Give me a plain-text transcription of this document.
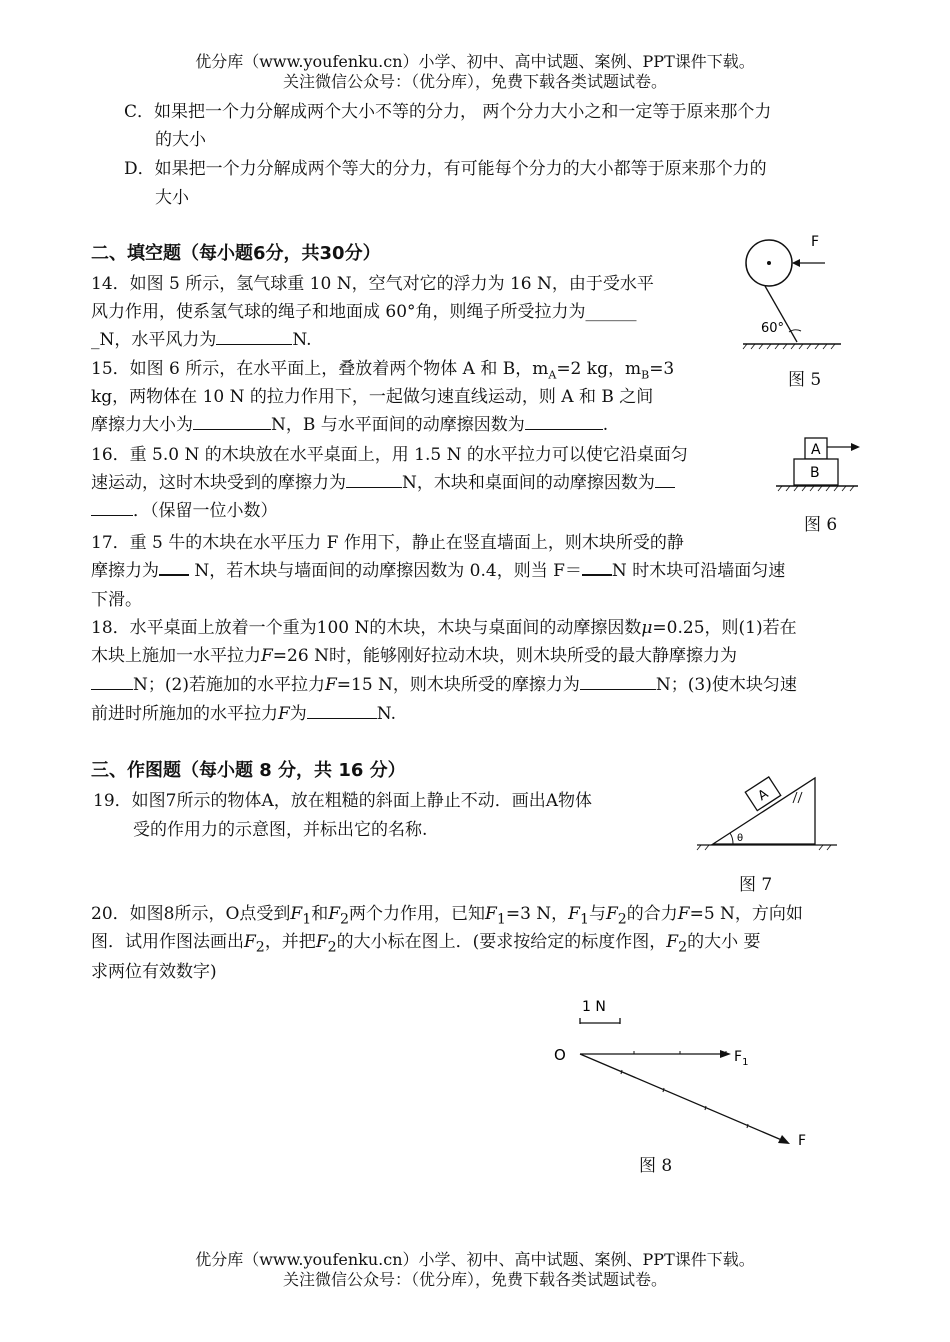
优分库（www.youfenku.cn）小学、初中、高中试题、案例、PPT课件下载。
关注微信公众号：（优分库），免费下载各类试题试卷。
C．如果把一个力分解成两个大小不等的分力， 两个分力大小之和一定等于原来那个力
的大小
D．如果把一个力分解成两个等大的分力，有可能每个分力的大小都等于原来那个力的
大小
二、填空题（每小题6分，共30分）
14．如图 5 所示，氢气球重 10 N，空气对它的浮力为 16 N，由于受水平
风力作用，使系氢气球的绳子和地面成 60°角，则绳子所受拉力为______
_N，水平风力为	N.
15．如图 6 所示，在水平面上，叠放着两个物体 A 和 B，$m_A=2$ kg，$m_B=3$
kg，两物体在 10 N 的拉力作用下，一起做匀速直线运动，则 A 和 B 之间
摩擦力大小为	N，B 与水平面间的动摩擦因数为	.
16．重 5.0 N 的木块放在水平桌面上，用 1.5 N 的水平拉力可以使它沿桌面匀
速运动，这时木块受到的摩擦力为	N，木块和桌面间的动摩擦因数为
．（保留一位小数）
17．重 5 牛的木块在水平压力 F 作用下，静止在竖直墙面上，则木块所受的静
摩擦力为 N，若木块与墙面间的动摩擦因数为 0.4，则当 F＝ N 时木块可沿墙面匀速
下滑。
18．水平桌面上放着一个重为100 N的木块，木块与桌面间的动摩擦因数μ=0.25，则(1)若在
木块上施加一水平拉力F=26 N时，能够刚好拉动木块，则木块所受的最大静摩擦力为
N；(2)若施加的水平拉力F=15 N，则木块所受的摩擦力为	N；(3)使木块匀速
前进时所施加的水平拉力F为	N.
三、作图题（每小题 8 分，共 16 分）
19．如图7所示的物体A，放在粗糙的斜面上静止不动．画出A物体
受的作用力的示意图，并标出它的名称.
20．如图8所示，O点受到$F_1$和$F_2$两个力作用，已知$F_1=3$ N，$F_1$与$F_2$的合力F=5 N，方向如
图．试用作图法画出$F_2$，并把$F_2$的大小标在图上．(要求按给定的标度作图，$F_2$的大小 要
求两位有效数字)
F
60°
图 5
A
B
图 6
A
θ
图 7
1 N
O	$F_1$
F
图 8
优分库（www.youfenku.cn）小学、初中、高中试题、案例、PPT课件下载。
关注微信公众号：（优分库），免费下载各类试题试卷。
